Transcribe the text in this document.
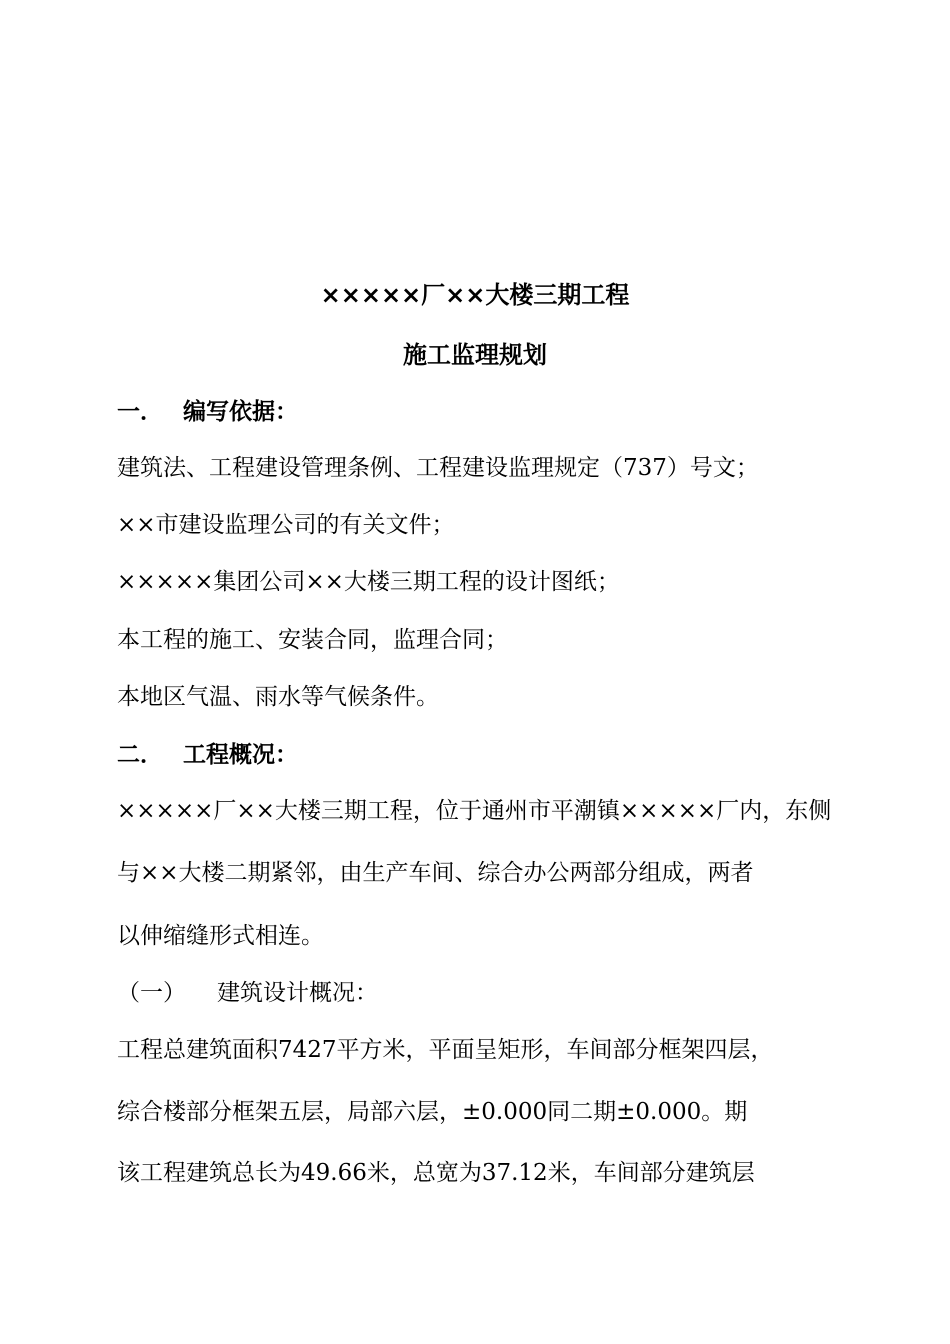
×××××厂××大楼三期工程
施工监理规划
一． 编写依据：
建筑法、工程建设管理条例、工程建设监理规定（737）号文；
××市建设监理公司的有关文件；
×××××集团公司××大楼三期工程的设计图纸；
本工程的施工、安装合同，监理合同；
本地区气温、雨水等气候条件。
二． 工程概况：
×××××厂××大楼三期工程，位于通州市平潮镇×××××厂内，东侧
与××大楼二期紧邻，由生产车间、综合办公两部分组成，两者
以伸缩缝形式相连。
（一） 建筑设计概况：
工程总建筑面积7427平方米，平面呈矩形，车间部分框架四层，
综合楼部分框架五层，局部六层，±0.000同二期±0.000。期
该工程建筑总长为49.66米，总宽为37.12米，车间部分建筑层
